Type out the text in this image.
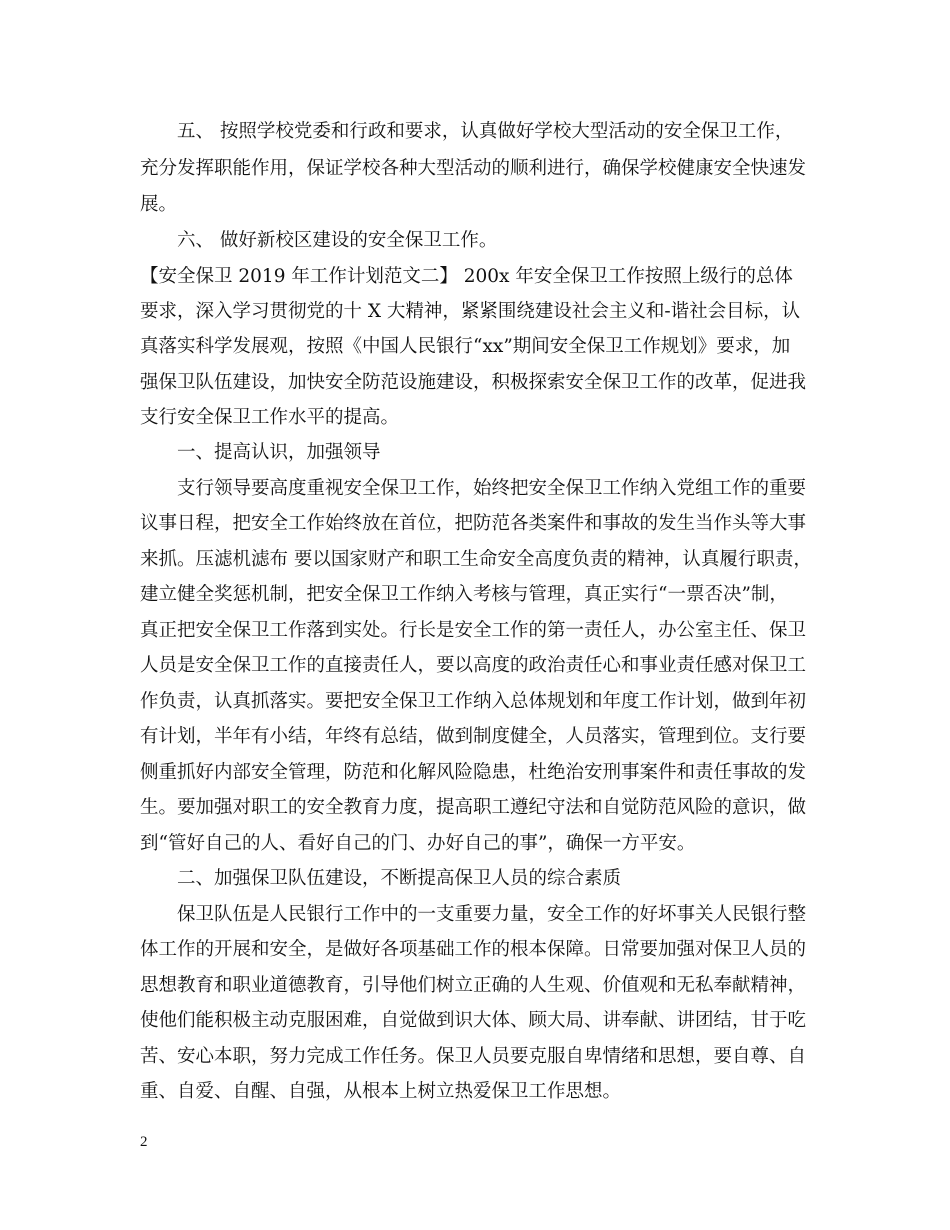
五、 按照学校党委和行政和要求，认真做好学校大型活动的安全保卫工作，
充分发挥职能作用，保证学校各种大型活动的顺利进行，确保学校健康安全快速发
展。
六、 做好新校区建设的安全保卫工作。
【安全保卫 2019 年工作计划范文二】 200x 年安全保卫工作按照上级行的总体
要求，深入学习贯彻党的十 X 大精神，紧紧围绕建设社会主义和-谐社会目标，认
真落实科学发展观，按照《中国人民银行“xx”期间安全保卫工作规划》要求，加
强保卫队伍建设，加快安全防范设施建设，积极探索安全保卫工作的改革，促进我
支行安全保卫工作水平的提高。
一、提高认识，加强领导
支行领导要高度重视安全保卫工作，始终把安全保卫工作纳入党组工作的重要
议事日程，把安全工作始终放在首位，把防范各类案件和事故的发生当作头等大事
来抓。压滤机滤布 要以国家财产和职工生命安全高度负责的精神，认真履行职责，
建立健全奖惩机制，把安全保卫工作纳入考核与管理，真正实行“一票否决”制，
真正把安全保卫工作落到实处。行长是安全工作的第一责任人，办公室主任、保卫
人员是安全保卫工作的直接责任人，要以高度的政治责任心和事业责任感对保卫工
作负责，认真抓落实。要把安全保卫工作纳入总体规划和年度工作计划，做到年初
有计划，半年有小结，年终有总结，做到制度健全，人员落实，管理到位。支行要
侧重抓好内部安全管理，防范和化解风险隐患，杜绝治安刑事案件和责任事故的发
生。要加强对职工的安全教育力度，提高职工遵纪守法和自觉防范风险的意识，做
到“管好自己的人、看好自己的门、办好自己的事”，确保一方平安。
二、加强保卫队伍建设，不断提高保卫人员的综合素质
保卫队伍是人民银行工作中的一支重要力量，安全工作的好坏事关人民银行整
体工作的开展和安全，是做好各项基础工作的根本保障。日常要加强对保卫人员的
思想教育和职业道德教育，引导他们树立正确的人生观、价值观和无私奉献精神，
使他们能积极主动克服困难，自觉做到识大体、顾大局、讲奉献、讲团结，甘于吃
苦、安心本职，努力完成工作任务。保卫人员要克服自卑情绪和思想，要自尊、自
重、自爱、自醒、自强，从根本上树立热爱保卫工作思想。
2
